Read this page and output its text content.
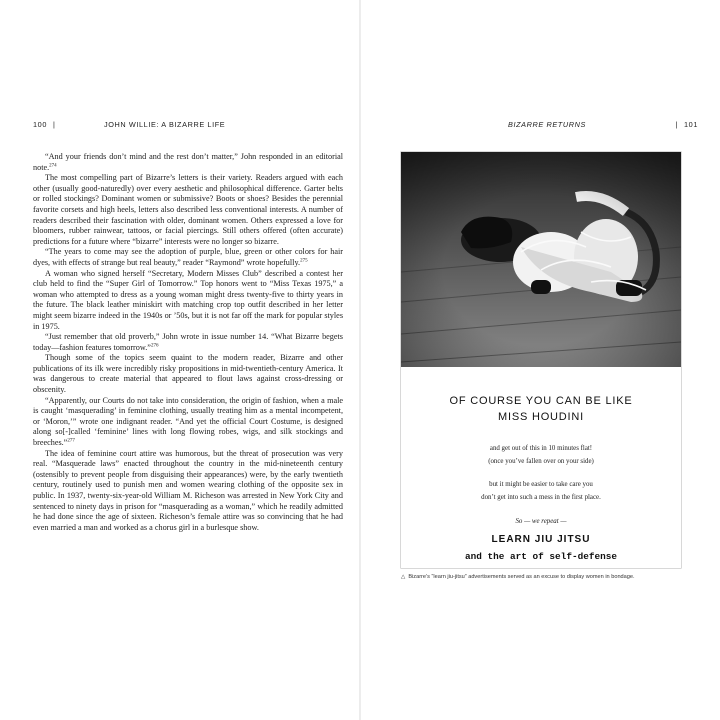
100 |	JOHN WILLIE: A BIZARRE LIFE	BIZARRE RETURNS	| 101

“And your friends don’t mind and the rest don’t matter,” John responded in an editorial note.$^{274}$

The most compelling part of Bizarre’s letters is their variety. Readers argued with each other (usually good-naturedly) over every aesthetic and philosophical difference. Garter belts or rolled stockings? Dominant women or submissive? Boots or shoes? Besides the perennial favorite corsets and high heels, letters also described less conventional interests. A number of readers described their fascination with older, dominant women. Others expressed a love for bloomers, rubber rainwear, tattoos, or facial piercings. Still others offered (often accurate) predictions for a future where “bizarre” interests were no longer so bizarre.

“The years to come may see the adoption of purple, blue, green or other colors for hair dyes, with effects of strange but real beauty,” reader “Raymond” wrote hopefully.$^{275}$

A woman who signed herself “Secretary, Modern Misses Club” described a contest her club held to find the “Super Girl of Tomorrow.” Top honors went to “Miss Texas 1975,” a woman who attempted to dress as a young woman might dress twenty-five to thirty years in the future. The black leather miniskirt with matching crop top outfit described in her letter might seem bizarre indeed in the 1940s or ’50s, but it is not far off the mark for popular styles in 1975.

“Just remember that old proverb,” John wrote in issue number 14. “What Bizarre begets today—fashion features tomorrow.”$^{276}$

Though some of the topics seem quaint to the modern reader, Bizarre and other publications of its ilk were incredibly risky propositions in mid-twentieth-century America. It was dangerous to create material that appeared to flout laws against cross-dressing or obscenity.

“Apparently, our Courts do not take into consideration, the origin of fashion, when a male is caught ‘masquerading’ in feminine clothing, usually treating him as a mental incompetent, or ‘Moron,’” wrote one indignant reader. “And yet the official Court Costume, is designed along so[-]called ‘feminine’ lines with long flowing robes, wigs, and silk stockings and breeches.”$^{277}$

The idea of feminine court attire was humorous, but the threat of prosecution was very real. “Masquerade laws” enacted throughout the country in the mid-nineteenth century (ostensibly to prevent people from disguising their appearances) were, by the early twentieth century, routinely used to punish men and women wearing clothing of the opposite sex in public. In 1937, twenty-six-year-old William M. Richeson was arrested in New York City and sentenced to ninety days in prison for “masquerading as a woman,” which he readily admitted he had done since the age of sixteen. Richeson’s female attire was so convincing that he had even married a man and worked as a chorus girl in a burlesque show.

OF COURSE YOU CAN BE LIKE
MISS HOUDINI
and get out of this in 10 minutes flat!
(once you’ve fallen over on your side)
but it might be easier to take care you
don’t get into such a mess in the first place.
So — we repeat —
LEARN JIU JITSU
and the art of self-defense
△ Bizarre’s “learn jiu-jitsu” advertisements served as an excuse to display women in bondage.
